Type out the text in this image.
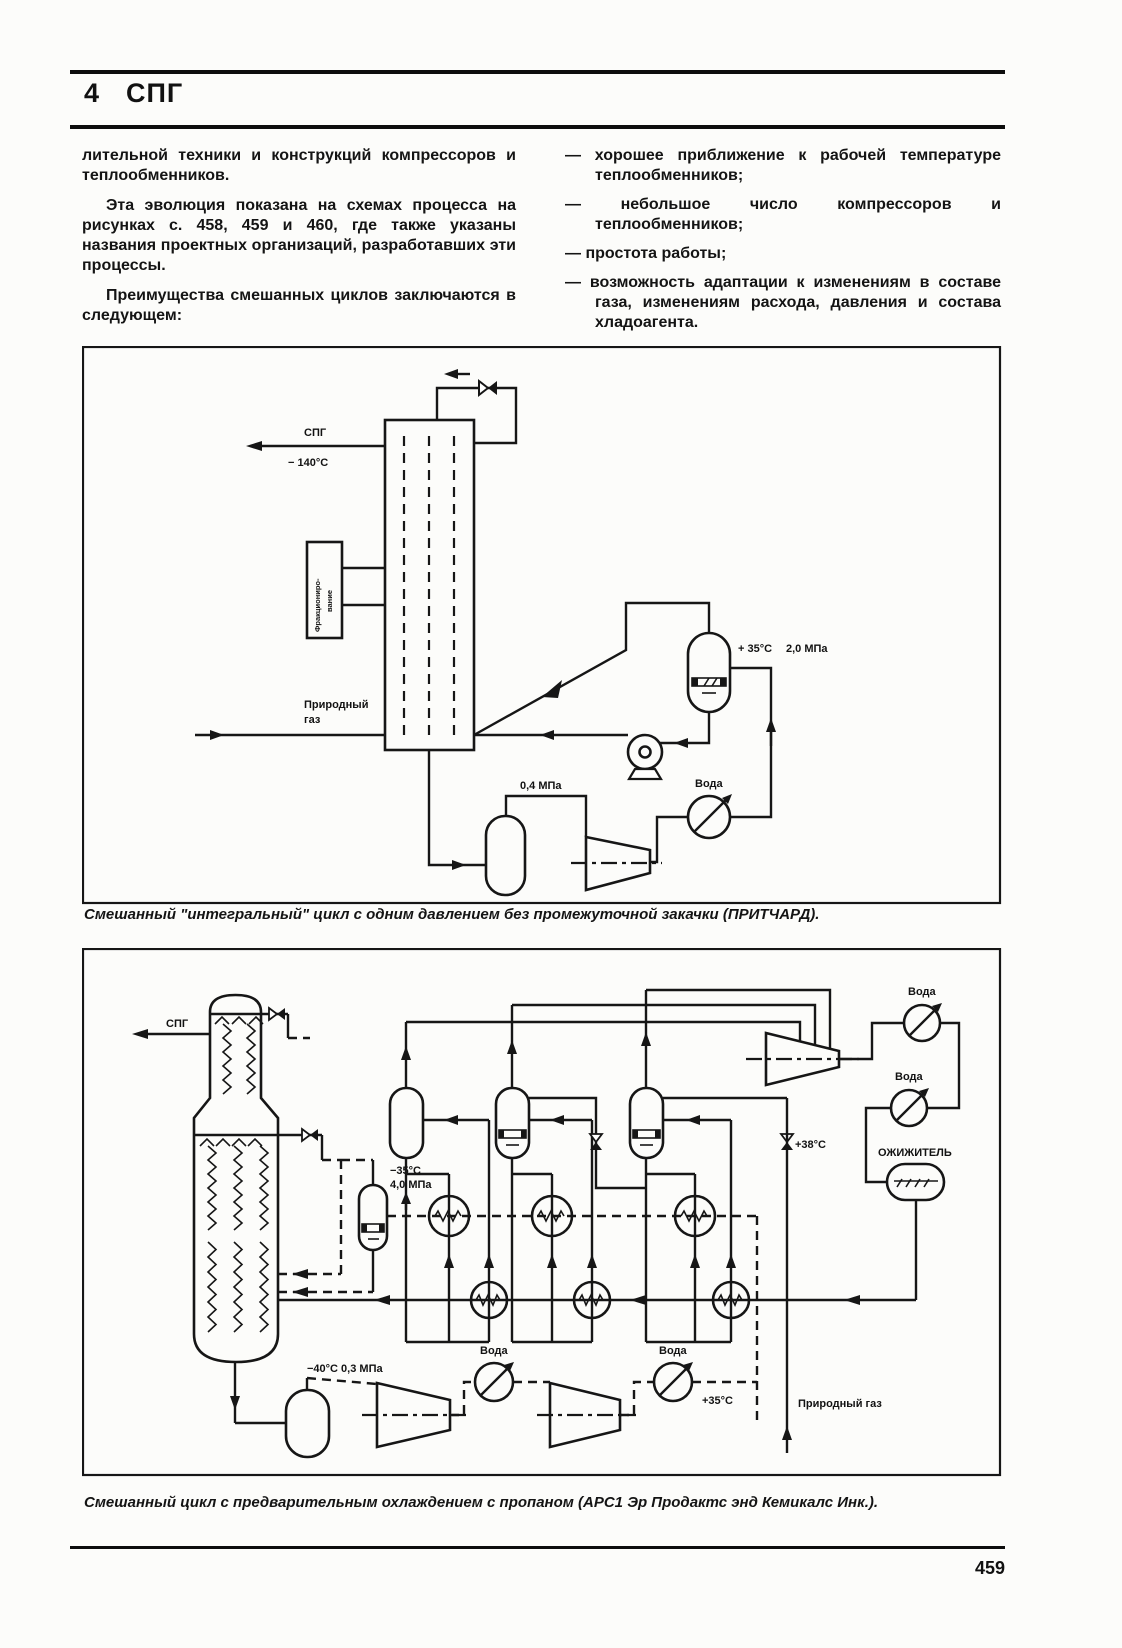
4 СПГ

лительной техники и конструкций компрессоров и теплообменников.

Эта эволюция показана на схемах процесса на рисунках с. 458, 459 и 460, где также указаны названия проектных организаций, разработавших эти процессы.

Преимущества смешанных циклов заключаются в следующем:

— хорошее приближение к рабочей температуре теплообменников;

— небольшое число компрессоров и теплообменников;

— простота работы;

— возможность адаптации к изменениям в составе газа, изменениям расхода, давления и состава хладоагента.

СПГ
− 140°C
Фракциониро- вание
Природный
газ
0,4 МПа	Вода
+ 35°C 2,0 МПа
Смешанный "интегральный" цикл с одним давлением без промежуточной закачки (ПРИТЧАРД).
СПГ
−35°C
4,0 МПа
Вода
Вода
+38°C
ОЖИЖИТЕЛЬ
Природный газ
−40°C 0,3 МПа
Вода	Вода
+35°C
Смешанный цикл с предварительным охлаждением с пропаном (АРС1 Эр Продактс энд Кемикалс Инк.).
459
